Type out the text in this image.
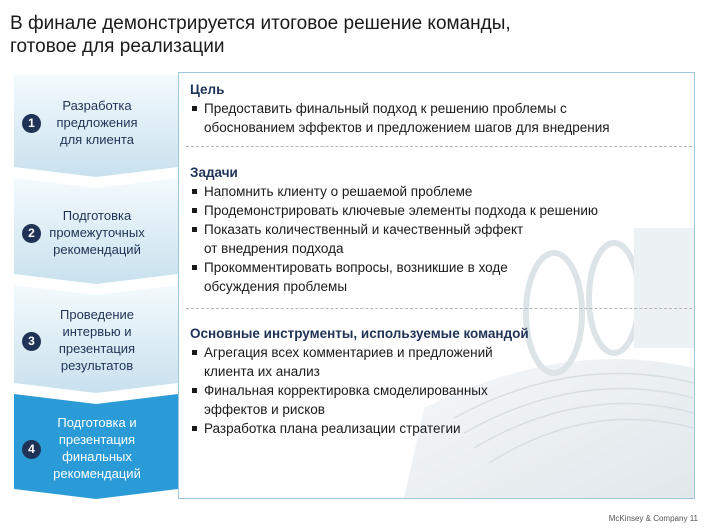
В финале демонстрируется итоговое решение команды,
готовое для реализации
Разработка
предложения
для клиента
1
Подготовка
промежуточных
рекомендаций
2
Проведение
интервью и
презентация
результатов
3
Подготовка и
презентация
финальных
рекомендаций
4
Цель
Предоставить финальный подход к решению проблемы с
обоснованием эффектов и предложением шагов для внедрения
Задачи
Напомнить клиенту о решаемой проблеме
Продемонстрировать ключевые элементы подхода к решению
Показать количественный и качественный эффект
от внедрения подхода
Прокомментировать вопросы, возникшие в ходе
обсуждения проблемы
Основные инструменты, используемые командой
Агрегация всех комментариев и предложений
клиента их анализ
Финальная корректировка смоделированных
эффектов и рисков
Разработка плана реализации стратегии
McKinsey & Company 11
